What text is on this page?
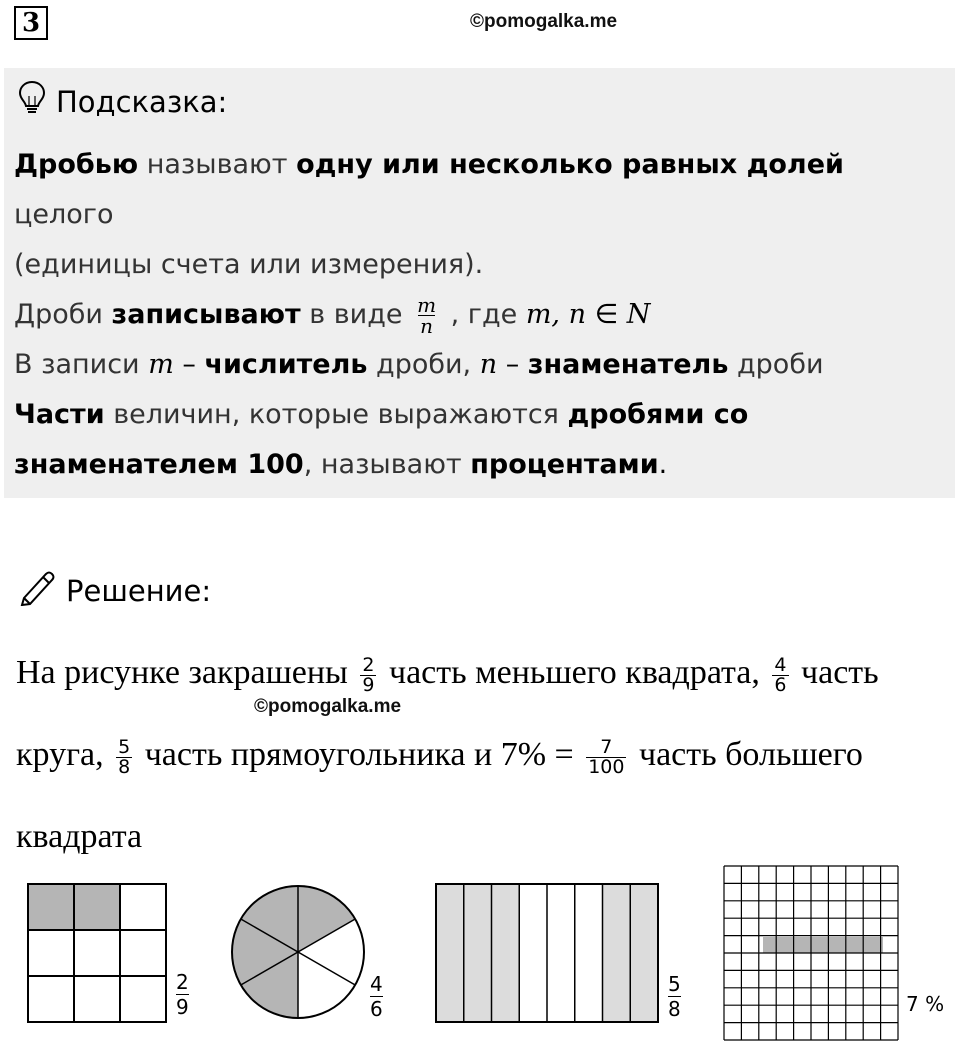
3	©pomogalka.me
Подсказка:
Дробью называют одну или несколько равных долей целого
(единицы счета или измерения).
Дроби записывают в виде $\frac{m}{n}$ , где m, n ∈ N
В записи m – числитель дроби, n – знаменатель дроби
Части величин, которые выражаются дробями со
знаменателем 100, называют процентами.
Решение:
©pomogalka.me
На рисунке закрашены $\frac{2}{9}$ часть меньшего квадрата, $\frac{4}{6}$ часть
круга, $\frac{5}{8}$ часть прямоугольника и $7\% = \frac{7}{100}$ часть большего
квадрата
$\frac{2}{9}$	$\frac{4}{6}$	$\frac{5}{8}$	7 %
